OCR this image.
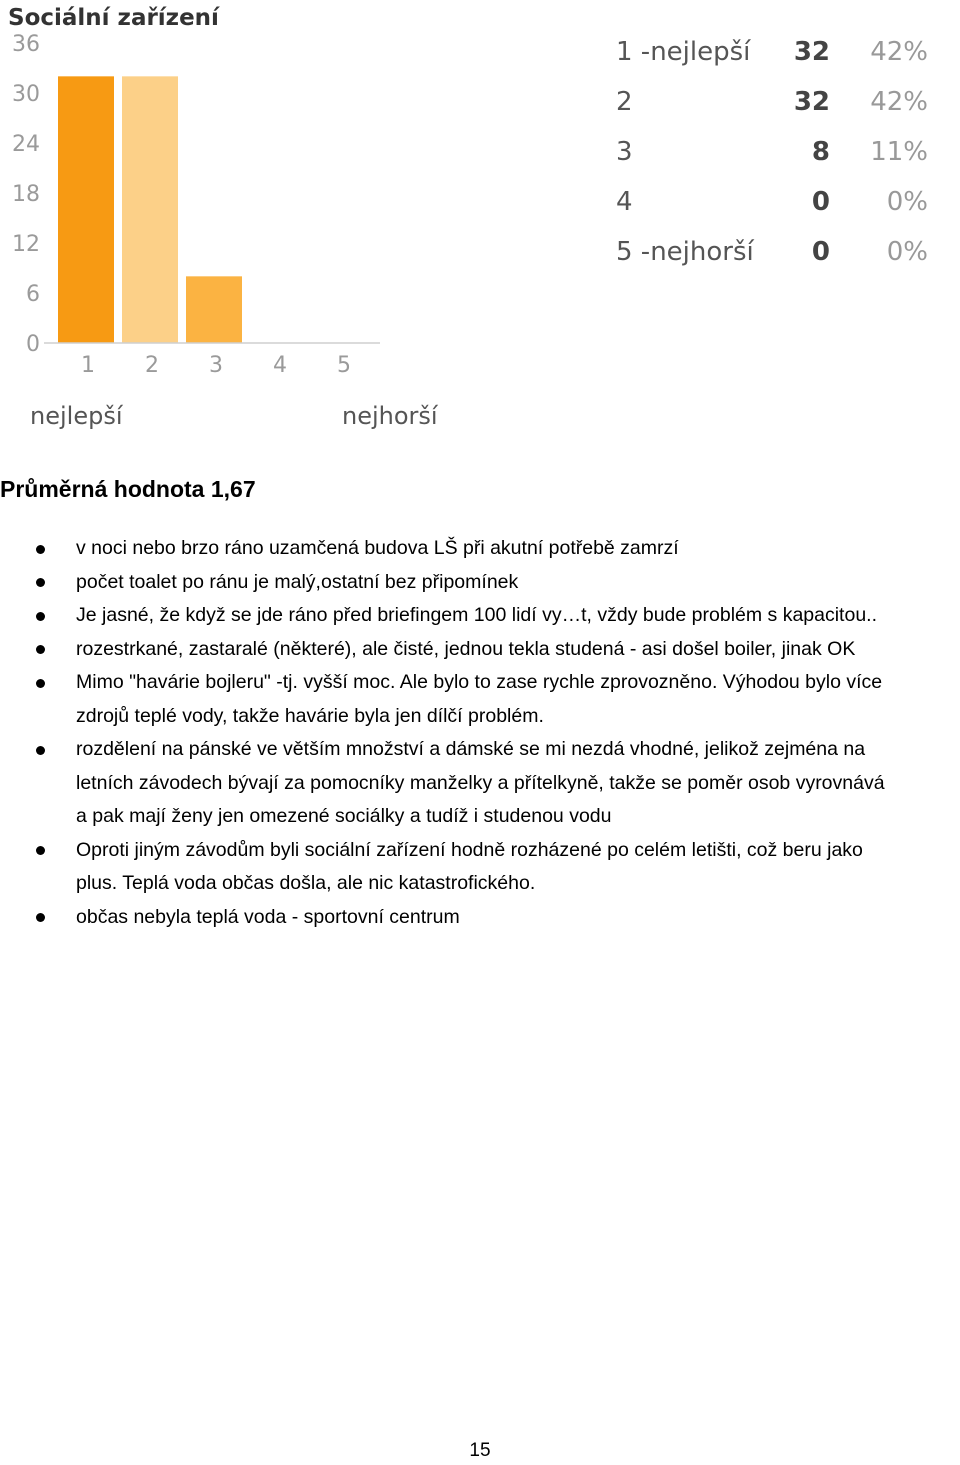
Sociální zařízení
0
6
12
18
24
30
36
1 2 3 4 5
nejlepší	nejhorší
1 -nejlepší 32 42%
2	32 42%
3	8 11%
4	0 0%
5 -nejhorší 0 0%
Průměrná hodnota 1,67
v noci nebo brzo ráno uzamčená budova LŠ při akutní potřebě zamrzí
počet toalet po ránu je malý,ostatní bez připomínek
Je jasné, že když se jde ráno před briefingem 100 lidí vy…t, vždy bude problém s kapacitou..
rozestrkané, zastaralé (některé), ale čisté, jednou tekla studená - asi došel boiler, jinak OK
Mimo "havárie bojleru" -tj. vyšší moc. Ale bylo to zase rychle zprovozněno. Výhodou bylo více
zdrojů teplé vody, takže havárie byla jen dílčí problém.
rozdělení na pánské ve větším množství a dámské se mi nezdá vhodné, jelikož zejména na
letních závodech bývají za pomocníky manželky a přítelkyně, takže se poměr osob vyrovnává
a pak mají ženy jen omezené sociálky a tudíž i studenou vodu
Oproti jiným závodům byli sociální zařízení hodně rozházené po celém letišti, což beru jako
plus. Teplá voda občas došla, ale nic katastrofického.
občas nebyla teplá voda - sportovní centrum
15
